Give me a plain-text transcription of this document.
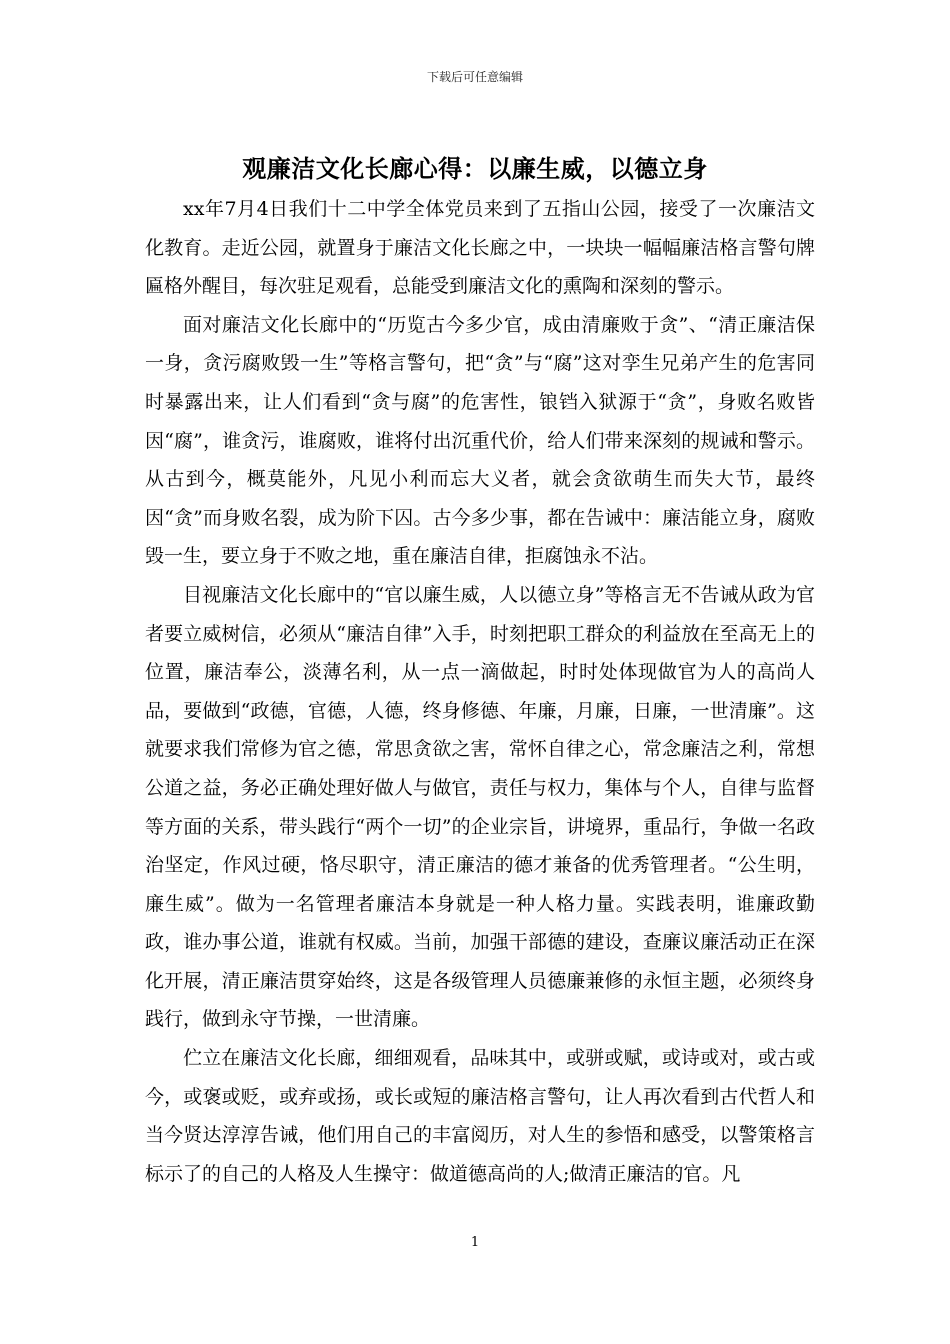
下载后可任意编辑
观廉洁文化长廊心得：以廉生威，以德立身

xx年7月4日我们十二中学全体党员来到了五指山公园，接受了一次廉洁文化教育。走近公园，就置身于廉洁文化长廊之中，一块块一幅幅廉洁格言警句牌匾格外醒目，每次驻足观看，总能受到廉洁文化的熏陶和深刻的警示。

面对廉洁文化长廊中的“历览古今多少官，成由清廉败于贪”、“清正廉洁保一身，贪污腐败毁一生”等格言警句，把“贪”与“腐”这对孪生兄弟产生的危害同时暴露出来，让人们看到“贪与腐”的危害性，锒铛入狱源于“贪”，身败名败皆因“腐”，谁贪污，谁腐败，谁将付出沉重代价，给人们带来深刻的规诫和警示。从古到今，概莫能外，凡见小利而忘大义者，就会贪欲萌生而失大节，最终因“贪”而身败名裂，成为阶下囚。古今多少事，都在告诫中：廉洁能立身，腐败毁一生，要立身于不败之地，重在廉洁自律，拒腐蚀永不沾。

目视廉洁文化长廊中的“官以廉生威，人以德立身”等格言无不告诫从政为官者要立威树信，必须从“廉洁自律”入手，时刻把职工群众的利益放在至高无上的位置，廉洁奉公，淡薄名利，从一点一滴做起，时时处体现做官为人的高尚人品，要做到“政德，官德，人德，终身修德、年廉，月廉，日廉，一世清廉”。这就要求我们常修为官之德，常思贪欲之害，常怀自律之心，常念廉洁之利，常想公道之益，务必正确处理好做人与做官，责任与权力，集体与个人，自律与监督等方面的关系，带头践行“两个一切”的企业宗旨，讲境界，重品行，争做一名政治坚定，作风过硬，恪尽职守，清正廉洁的德才兼备的优秀管理者。“公生明，廉生威”。做为一名管理者廉洁本身就是一种人格力量。实践表明，谁廉政勤政，谁办事公道，谁就有权威。当前，加强干部德的建设，查廉议廉活动正在深化开展，清正廉洁贯穿始终，这是各级管理人员德廉兼修的永恒主题，必须终身践行，做到永守节操，一世清廉。

伫立在廉洁文化长廊，细细观看，品味其中，或骈或赋，或诗或对，或古或今，或褒或贬，或弃或扬，或长或短的廉洁格言警句，让人再次看到古代哲人和当今贤达淳淳告诫，他们用自己的丰富阅历，对人生的参悟和感受，以警策格言标示了的自己的人格及人生操守：做道德高尚的人;做清正廉洁的官。凡

1
